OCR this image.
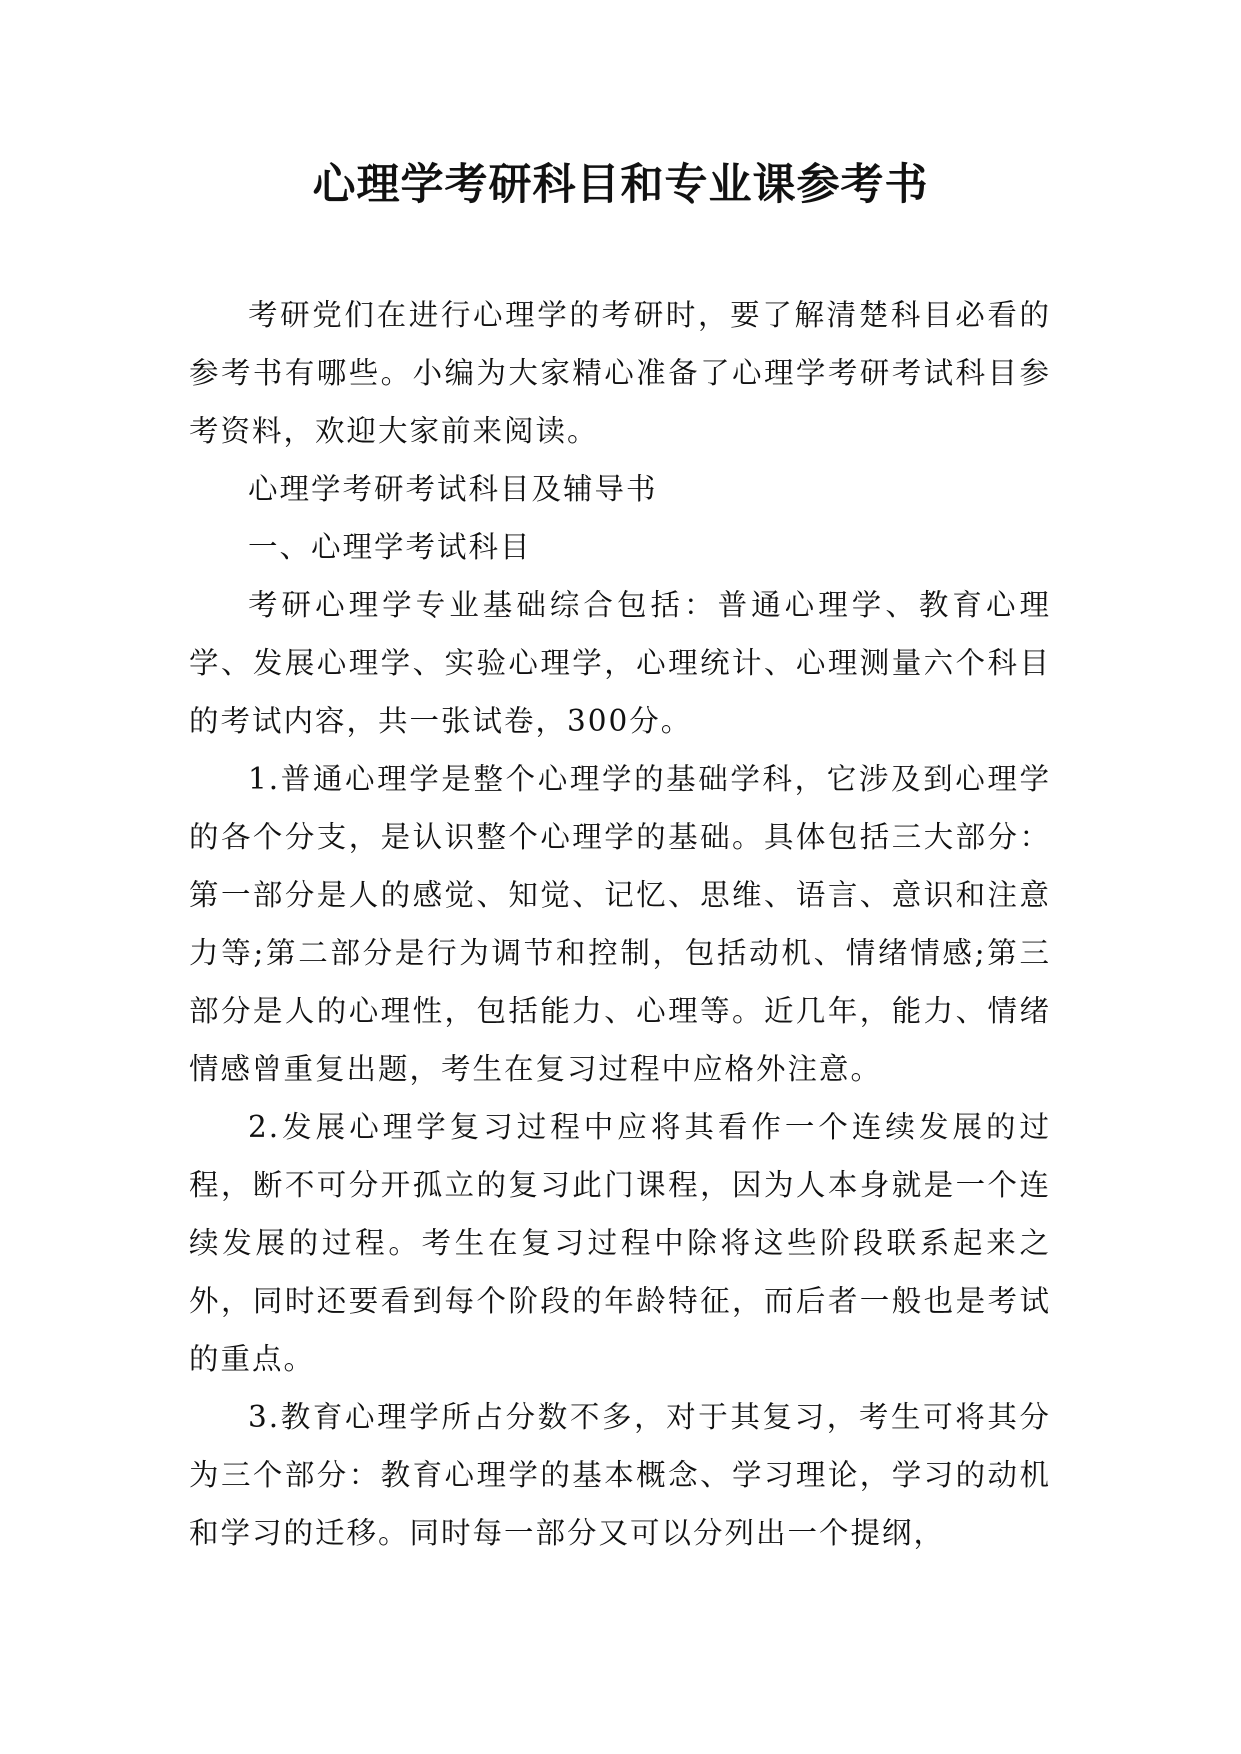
心理学考研科目和专业课参考书

考研党们在进行心理学的考研时，要了解清楚科目必看的参考书有哪些。小编为大家精心准备了心理学考研考试科目参考资料，欢迎大家前来阅读。

心理学考研考试科目及辅导书

一、心理学考试科目

考研心理学专业基础综合包括：普通心理学、教育心理学、发展心理学、实验心理学，心理统计、心理测量六个科目的考试内容，共一张试卷，300分。

1.普通心理学是整个心理学的基础学科，它涉及到心理学的各个分支，是认识整个心理学的基础。具体包括三大部分：第一部分是人的感觉、知觉、记忆、思维、语言、意识和注意力等;第二部分是行为调节和控制，包括动机、情绪情感;第三部分是人的心理性，包括能力、心理等。近几年，能力、情绪情感曾重复出题，考生在复习过程中应格外注意。

2.发展心理学复习过程中应将其看作一个连续发展的过程，断不可分开孤立的复习此门课程，因为人本身就是一个连续发展的过程。考生在复习过程中除将这些阶段联系起来之外，同时还要看到每个阶段的年龄特征，而后者一般也是考试的重点。

3.教育心理学所占分数不多，对于其复习，考生可将其分为三个部分：教育心理学的基本概念、学习理论，学习的动机和学习的迁移。同时每一部分又可以分列出一个提纲，
